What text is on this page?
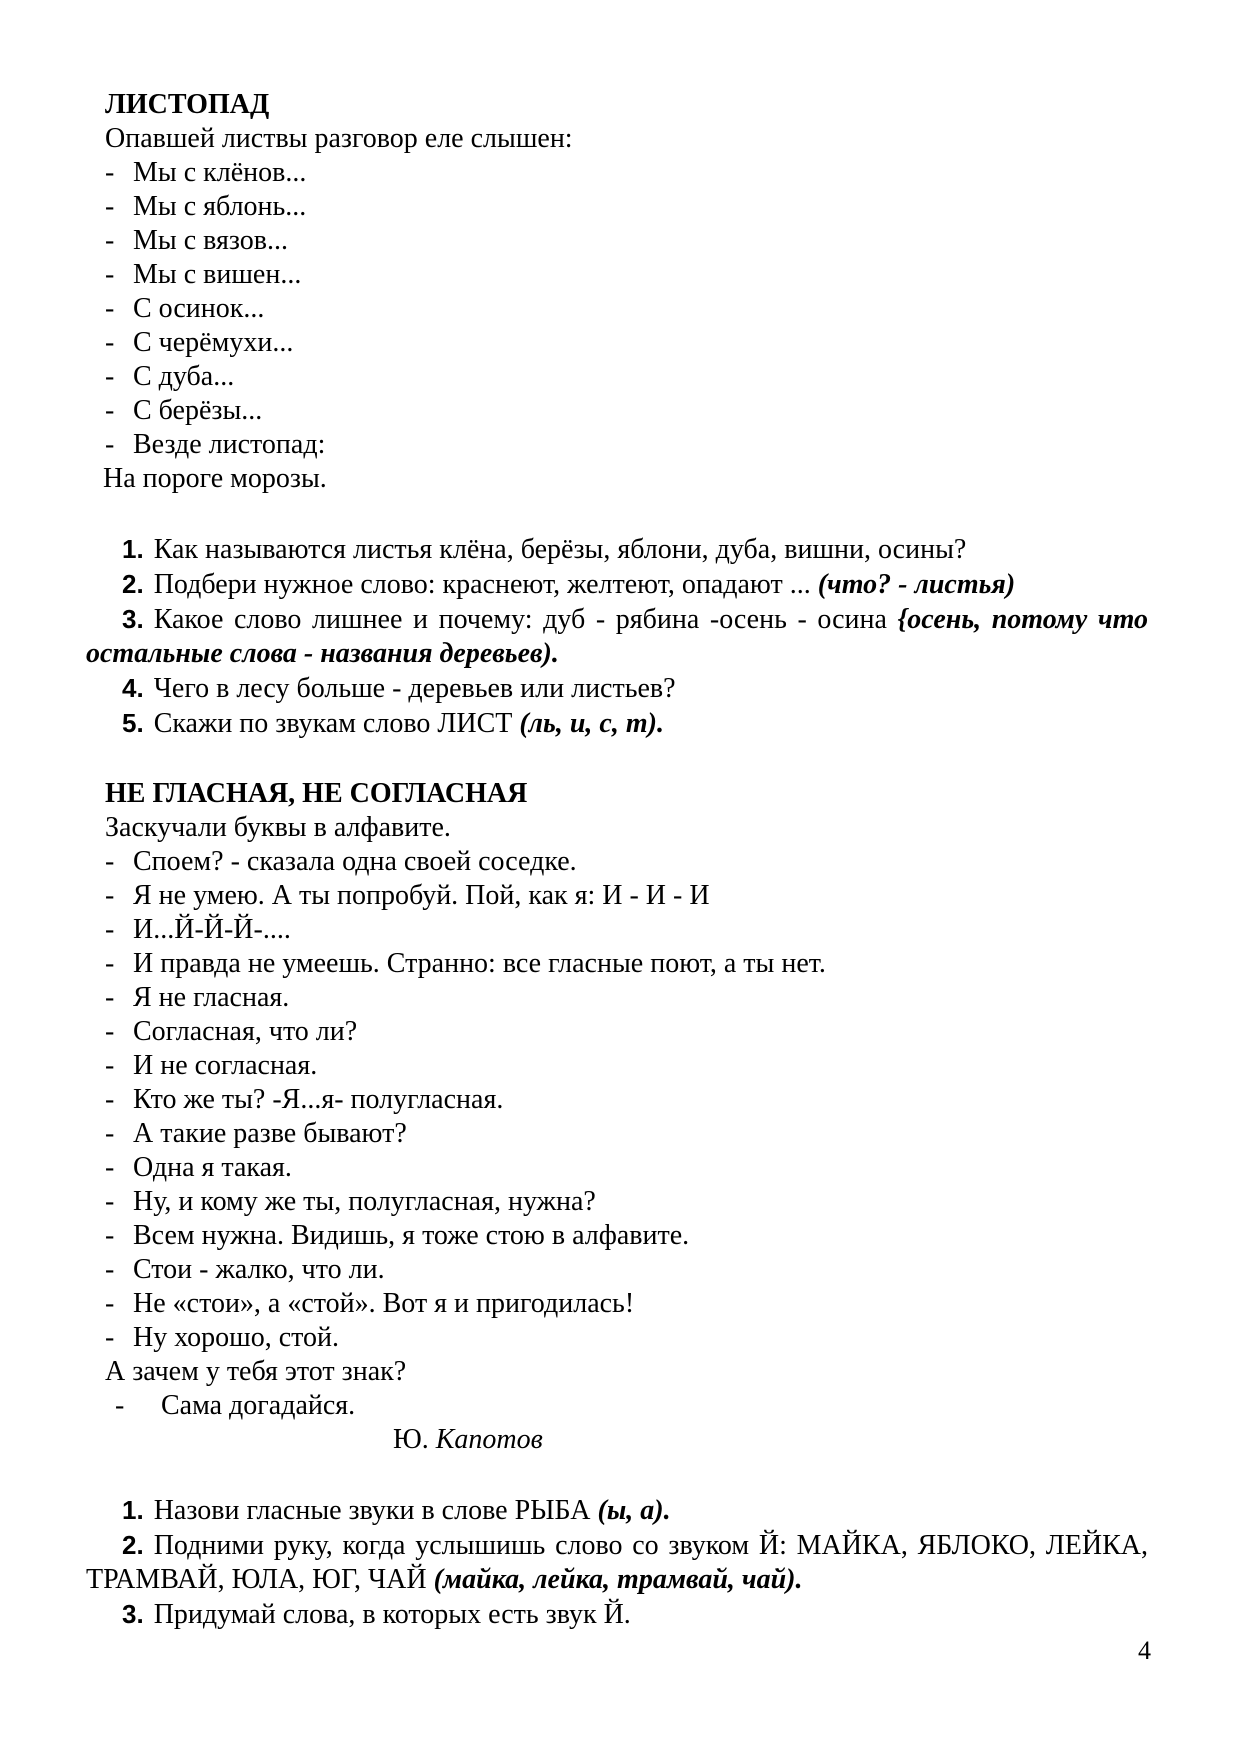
ЛИСТОПАД

Опавшей листвы разговор еле слышен:

- Мы с клёнов...

- Мы с яблонь...

- Мы с вязов...

- Мы с вишен...

- С осинок...

- С черёмухи...

- С дуба...

- С берёзы...

- Везде листопад:

На пороге морозы.

1. Как называются листья клёна, берёзы, яблони, дуба, вишни, осины?

2. Подбери нужное слово: краснеют, желтеют, опадают ... (что? - листья)

3. Какое слово лишнее и почему: дуб - рябина -осень - осина {осень, потому что остальные слова - названия деревьев).

4. Чего в лесу больше - деревьев или листьев?

5. Скажи по звукам слово ЛИСТ (ль, и, с, т).

НЕ ГЛАСНАЯ, НЕ СОГЛАСНАЯ

Заскучали буквы в алфавите.

- Споем? - сказала одна своей соседке.

- Я не умею. А ты попробуй. Пой, как я: И - И - И

- И...Й-Й-Й-....

- И правда не умеешь. Странно: все гласные поют, а ты нет.

- Я не гласная.

- Согласная, что ли?

- И не согласная.

- Кто же ты? -Я...я- полугласная.

- А такие разве бывают?

- Одна я такая.

- Ну, и кому же ты, полугласная, нужна?

- Всем нужна. Видишь, я тоже стою в алфавите.

- Стои - жалко, что ли.

- Не «стои», а «стой». Вот я и пригодилась!

- Ну хорошо, стой.

А зачем у тебя этот знак?

- Сама догадайся.

Ю. Капотов

1. Назови гласные звуки в слове РЫБА (ы, а).

2. Подними руку, когда услышишь слово со звуком Й: МАЙКА, ЯБЛОКО, ЛЕЙКА, ТРАМВАЙ, ЮЛА, ЮГ, ЧАЙ (майка, лейка, трамвай, чай).

3. Придумай слова, в которых есть звук Й.

4
